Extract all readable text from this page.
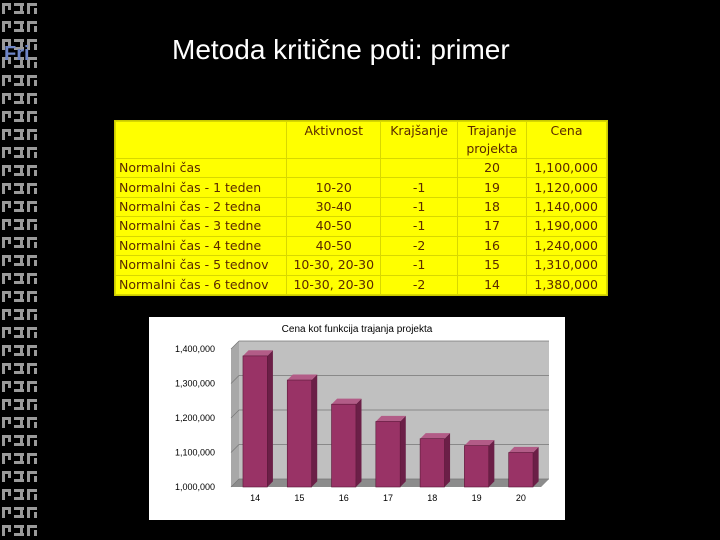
Fri	Metoda kritične poti: primer
	Aktivnost	Krajšanje	Trajanje projekta	Cena
Normalni čas			20	1,100,000
Normalni čas - 1 teden	10-20	-1	19	1,120,000
Normalni čas - 2 tedna	30-40	-1	18	1,140,000
Normalni čas - 3 tedne	40-50	-1	17	1,190,000
Normalni čas - 4 tedne	40-50	-2	16	1,240,000
Normalni čas - 5 tednov	10-30, 20-30	-1	15	1,310,000
Normalni čas - 6 tednov	10-30, 20-30	-2	14	1,380,000
Cena kot funkcija trajanja projekta
1,000,000
1,100,000
1,200,000
1,300,000
1,400,000
14	15	16	17	18	19	20
